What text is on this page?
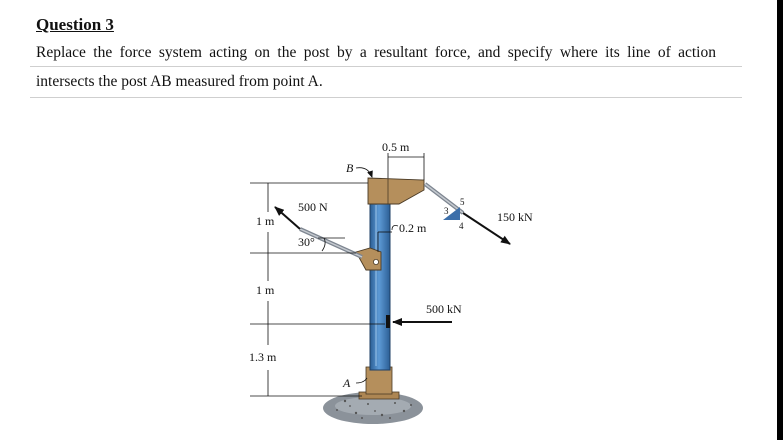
Question 3
Replace the force system acting on the post by a resultant force, and specify where its line of action
intersects the post AB measured from point A.
5
3
4
0.5 m
B
A
500 N
30°
1 m
1 m
1.3 m
0.2 m
150 kN
500 kN
